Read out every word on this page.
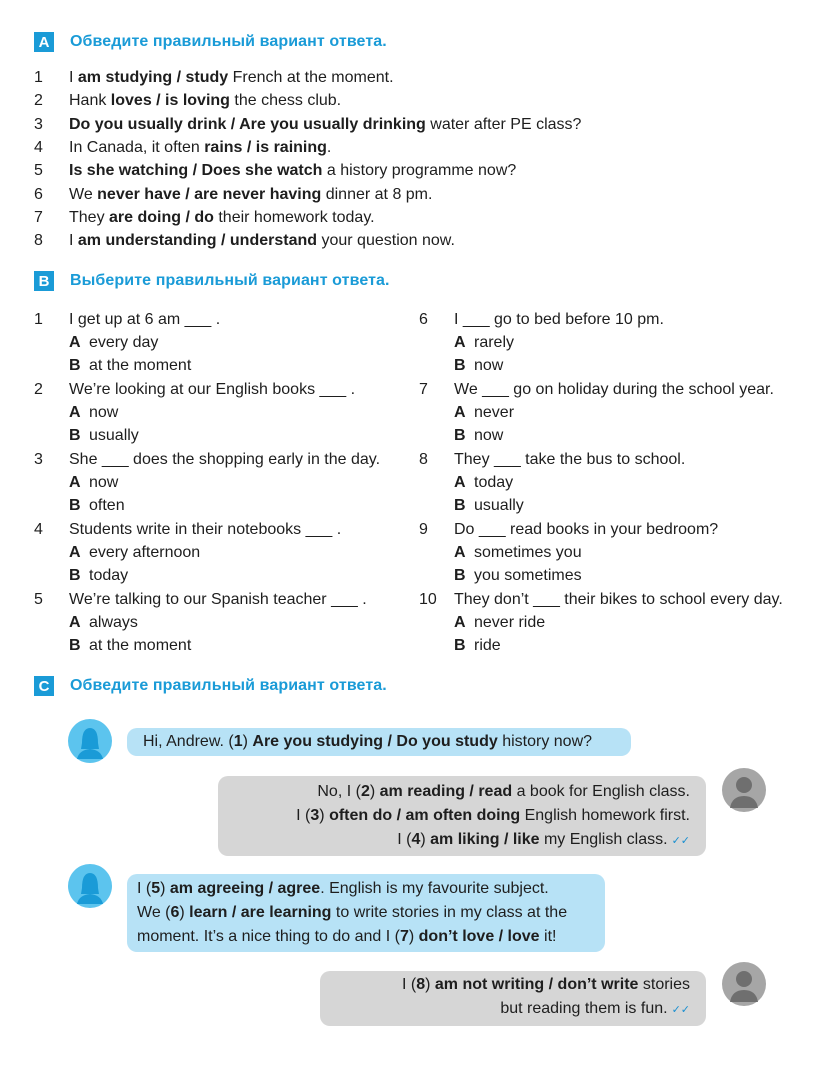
A Обведите правильный вариант ответа.
1 I am studying / study French at the moment.
2 Hank loves / is loving the chess club.
3 Do you usually drink / Are you usually drinking water after PE class?
4 In Canada, it often rains / is raining.
5 Is she watching / Does she watch a history programme now?
6 We never have / are never having dinner at 8 pm.
7 They are doing / do their homework today.
8 I am understanding / understand your question now.
B Выберите правильный вариант ответа.
1 I get up at 6 am ___ .
A every day
B at the moment
2 We’re looking at our English books ___ .
A now
B usually
3 She ___ does the shopping early in the day.
A now
B often
4 Students write in their notebooks ___ .
A every afternoon
B today
5 We’re talking to our Spanish teacher ___ .
A always
B at the moment
6 I ___ go to bed before 10 pm.
A rarely
B now
7 We ___ go on holiday during the school year.
A never
B now
8 They ___ take the bus to school.
A today
B usually
9 Do ___ read books in your bedroom?
A sometimes you
B you sometimes
10 They don’t ___ their bikes to school every day.
A never ride
B ride
C Обведите правильный вариант ответа.
Hi, Andrew. (1) Are you studying / Do you study history now?
No, I (2) am reading / read a book for English class.
I (3) often do / am often doing English homework first.
I (4) am liking / like my English class. ✓✓
I (5) am agreeing / agree. English is my favourite subject.
We (6) learn / are learning to write stories in my class at the
moment. It’s a nice thing to do and I (7) don’t love / love it!
I (8) am not writing / don’t write stories
but reading them is fun. ✓✓
